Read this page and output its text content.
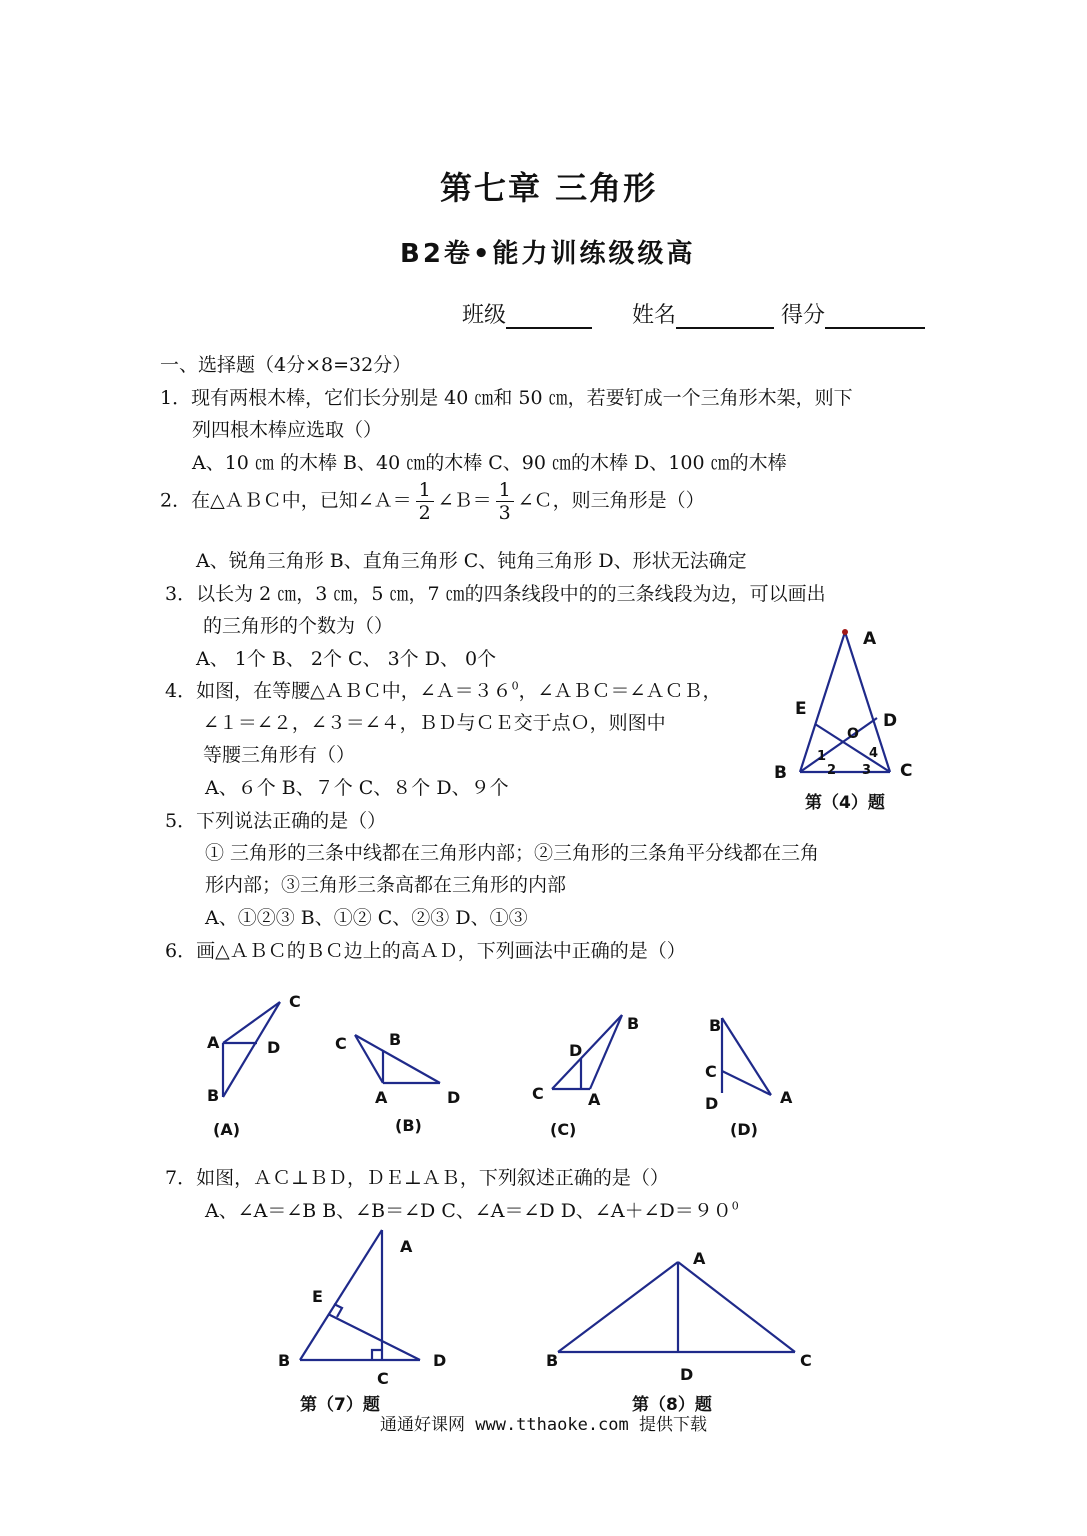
第七章 三角形
B2卷•能力训练级级高
班级	姓名	得分
一、选择题（4分×8=32分）
1．现有两根木棒，它们长分别是 40 ㎝和 50 ㎝，若要钉成一个三角形木架，则下
列四根木棒应选取（）
A、10 ㎝ 的木棒 B、40 ㎝的木棒 C、90 ㎝的木棒 D、100 ㎝的木棒
2．在△ＡＢＣ中，已知∠Ａ＝ $\frac{1}{2}$ ∠Ｂ＝ $\frac{1}{3}$ ∠Ｃ，则三角形是（）
A、锐角三角形 B、直角三角形 C、钝角三角形 D、形状无法确定
3．以长为 2 ㎝，3 ㎝，5 ㎝，7 ㎝的四条线段中的的三条线段为边，可以画出
的三角形的个数为（）
A、 1个 B、 2个 C、 3个 D、 0个
4．如图，在等腰△ＡＢＣ中，$\angle A=36^0$，∠ＡＢＣ＝∠ＡＣＢ，
∠１＝∠２，∠３＝∠４，ＢＤ与ＣＥ交于点Ｏ，则图中
等腰三角形有（）
A、６个 B、７个 C、８个 D、９个
A
E
O
D
1	4
2 3
B	C
第（4）题
5．下列说法正确的是（）
① 三角形的三条中线都在三角形内部；②三角形的三条角平分线都在三角
形内部；③三角形三条高都在三角形的内部
A、①②③ B、①② C、②③ D、①③
6．画△ＡＢＣ的ＢＣ边上的高ＡＤ，下列画法中正确的是（）
C
A	D
B
(A)
C	B
A	D
(B)
B
D
C	A
(C)
B
C
D	A
(D)
7．如图，ＡＣ⊥ＢＤ，ＤＥ⊥ＡＢ，下列叙述正确的是（）
A、∠A＝∠B B、∠B＝∠D C、∠A＝∠D D、$\angle A+\angle D=90^0$
A
E
B
C
D
第（7）题
A
B
D
C
第（8）题
通通好课网 www.tthaoke.com 提供下载
